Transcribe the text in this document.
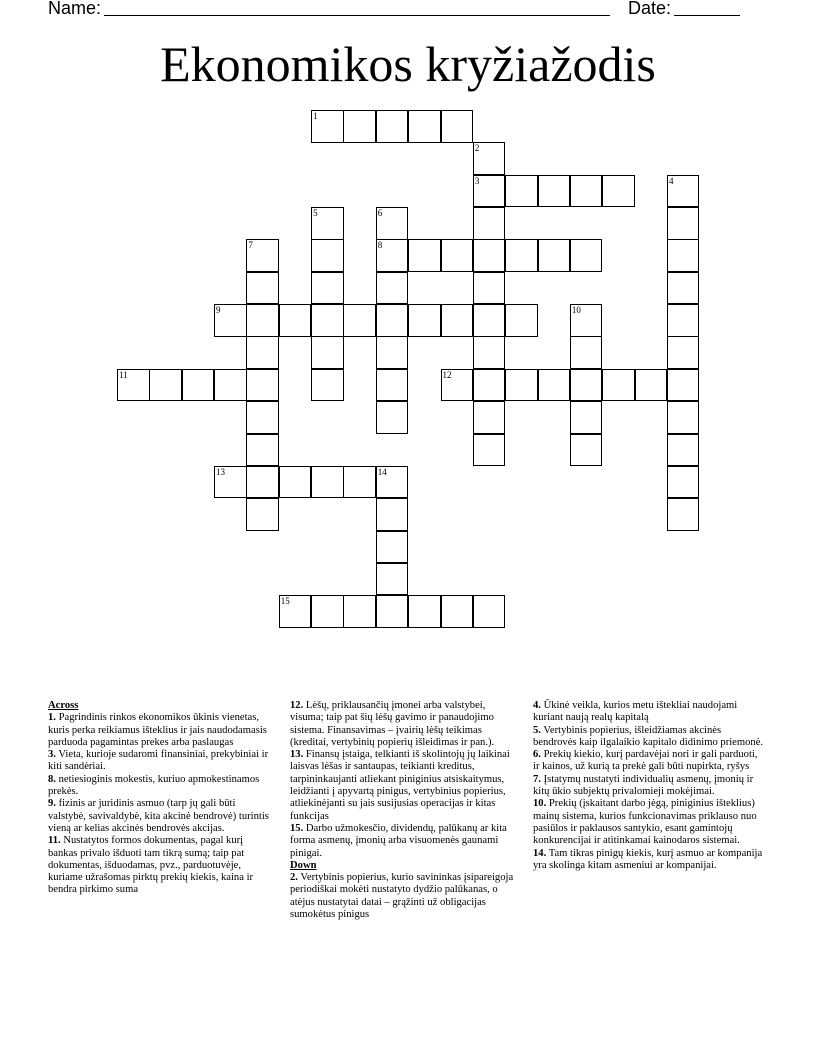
Name:	Date:
Ekonomikos kryžiažodis
1
2
3	4
5	6
8
7
9	10
11	12
13	14
15
Across

1. Pagrindinis rinkos ekonomikos ūkinis vienetas, kuris perka reikiamus išteklius ir jais naudodamasis parduoda pagamintas prekes arba paslaugas

3. Vieta, kurioje sudaromi finansiniai, prekybiniai ir kiti sandėriai.

8. netiesioginis mokestis, kuriuo apmokestinamos prekės.

9. fizinis ar juridinis asmuo (tarp jų gali būti valstybė, savivaldybė, kita akcinė bendrovė) turintis vieną ar kelias akcinės bendrovės akcijas.

11. Nustatytos formos dokumentas, pagal kurį bankas privalo išduoti tam tikrą sumą; taip pat dokumentas, išduodamas, pvz., parduotuvėje, kuriame užrašomas pirktų prekių kiekis, kaina ir bendra pirkimo suma

12. Lėšų, priklausančių įmonei arba valstybei, visuma; taip pat šių lėšų gavimo ir panaudojimo sistema. Finansavimas – įvairių lėšų teikimas (kreditai, vertybinių popierių išleidimas ir pan.).

13. Finansų įstaiga, telkianti iš skolintojų jų laikinai laisvas lėšas ir santaupas, teikianti kreditus, tarpininkaujanti atliekant piniginius atsiskaitymus, leidžianti į apyvartą pinigus, vertybinius popierius, atliekinėjanti su jais susijusias operacijas ir kitas funkcijas

15. Darbo užmokesčio, dividendų, palūkanų ar kita forma asmenų, įmonių arba visuomenės gaunami pinigai.

Down

2. Vertybinis popierius, kurio savininkas įsipareigoja periodiškai mokėti nustatyto dydžio palūkanas, o atėjus nustatytai datai – grąžinti už obligacijas sumokėtus pinigus

4. Ūkinė veikla, kurios metu ištekliai naudojami kuriant naują realų kapitalą

5. Vertybinis popierius, išleidžiamas akcinės bendrovės kaip ilgalaikio kapitalo didinimo priemonė.

6. Prekių kiekio, kurį pardavėjai nori ir gali parduoti, ir kainos, už kurią ta prekė gali būti nupirkta, ryšys

7. Įstatymų nustatyti individualių asmenų, įmonių ir kitų ūkio subjektų privalomieji mokėjimai.

10. Prekių (įskaitant darbo jėgą, piniginius išteklius) mainų sistema, kurios funkcionavimas priklauso nuo pasiūlos ir paklausos santykio, esant gamintojų konkurencijai ir atitinkamai kainodaros sistemai.

14. Tam tikras pinigų kiekis, kurį asmuo ar kompanija yra skolinga kitam asmeniui ar kompanijai.
